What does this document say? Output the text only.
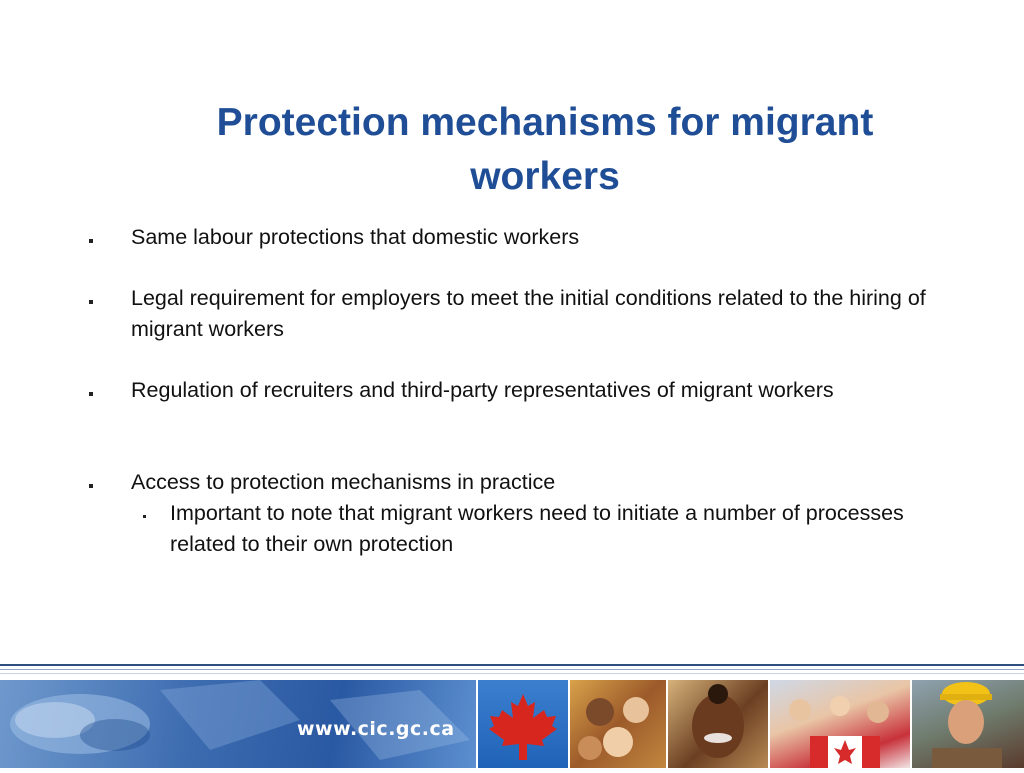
Protection mechanisms for migrant workers
Same labour protections that domestic workers
Legal requirement for employers to meet the initial conditions related to the hiring of migrant workers
Regulation of recruiters and third-party representatives of migrant workers
Access to protection mechanisms in practice
Important to note that migrant workers need to initiate a number of processes related to their own protection
www.cic.gc.ca
